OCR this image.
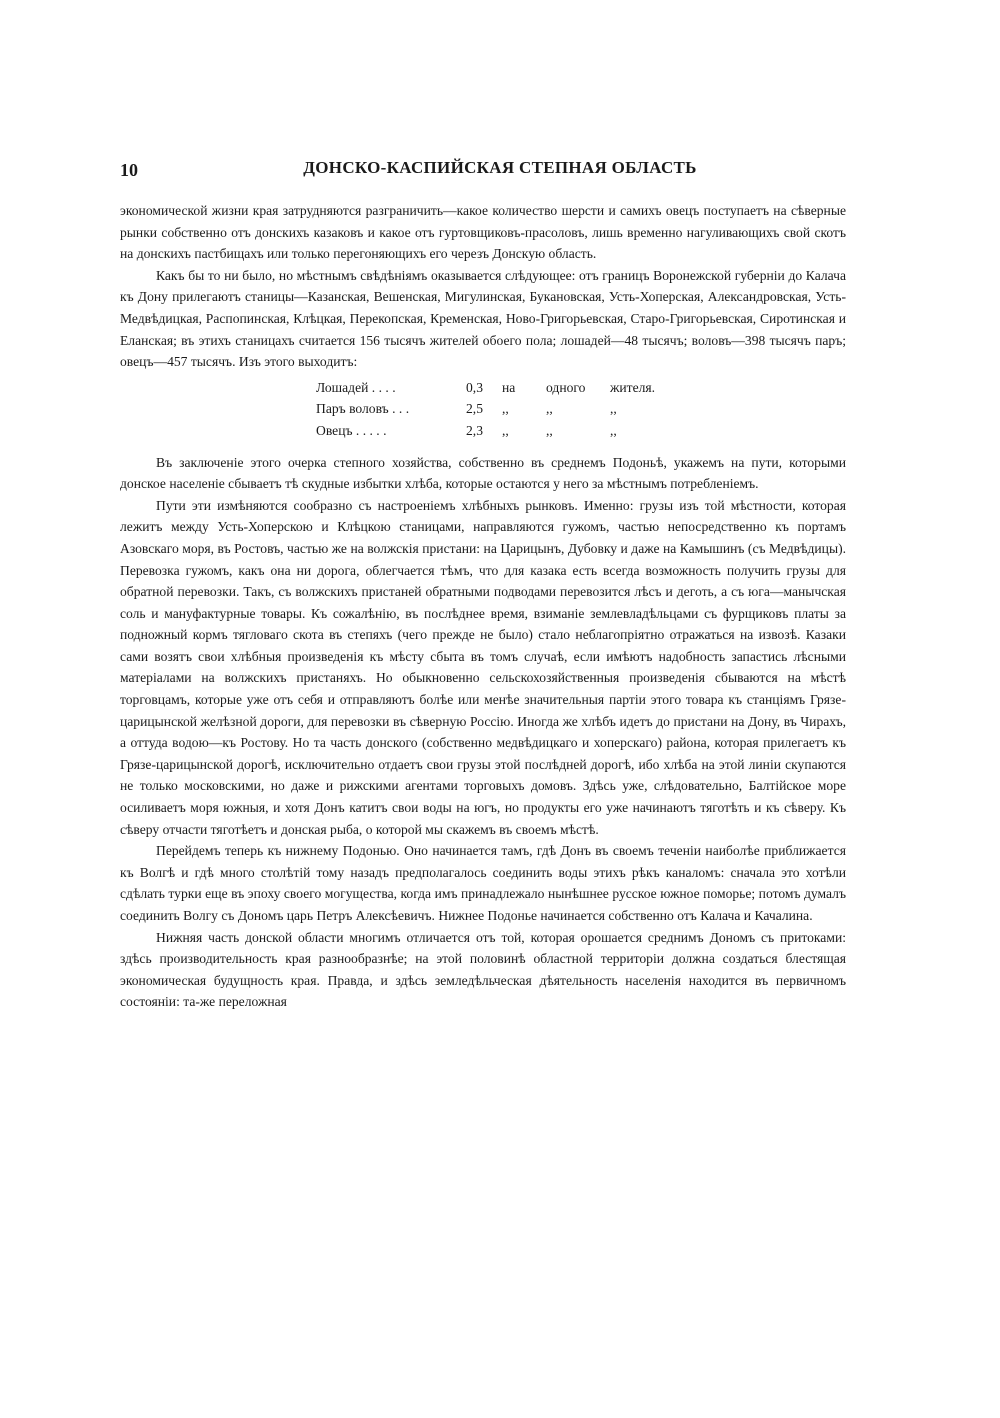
10	ДОНСКО-КАСПИЙСКАЯ СТЕПНАЯ ОБЛАСТЬ

экономической жизни края затрудняются разграничить—какое количество шерсти и самихъ овецъ поступаетъ на сѣверные рынки собственно отъ донскихъ казаковъ и какое отъ гуртовщиковъ-прасоловъ, лишь временно нагуливающихъ свой скотъ на донскихъ пастбищахъ или только перегоняющихъ его черезъ Донскую область.

Какъ бы то ни было, но мѣстнымъ свѣдѣніямъ оказывается слѣдующее: отъ границъ Воронежской губерніи до Калача къ Дону прилегаютъ станицы—Казанская, Вешенская, Мигулинская, Букановская, Усть-Хоперская, Александровская, Усть-Медвѣдицкая, Распопинская, Клѣцкая, Перекопская, Кременская, Ново-Григорьевская, Старо-Григорьевская, Сиротинская и Еланская; въ этихъ станицахъ считается 156 тысячъ жителей обоего пола; лошадей—48 тысячъ; воловъ—398 тысячъ паръ; овецъ—457 тысячъ. Изъ этого выходитъ:

Лошадей . . . .	0,3	на	одного	жителя.
Паръ воловъ . . .	2,5	,,	,,	,,
Овецъ . . . . .	2,3	,,	,,	,,

Въ заключеніе этого очерка степного хозяйства, собственно въ среднемъ Подоньѣ, укажемъ на пути, которыми донское населеніе сбываетъ тѣ скудные избытки хлѣба, которые остаются у него за мѣстнымъ потребленіемъ.

Пути эти измѣняются сообразно съ настроеніемъ хлѣбныхъ рынковъ. Именно: грузы изъ той мѣстности, которая лежитъ между Усть-Хоперскою и Клѣцкою станицами, направляются гужомъ, частью непосредственно къ портамъ Азовскаго моря, въ Ростовъ, частью же на волжскія пристани: на Царицынъ, Дубовку и даже на Камышинъ (съ Медвѣдицы). Перевозка гужомъ, какъ она ни дорога, облегчается тѣмъ, что для казака есть всегда возможность получить грузы для обратной перевозки. Такъ, съ волжскихъ пристаней обратными подводами перевозится лѣсъ и деготь, а съ юга—манычская соль и мануфактурные товары. Къ сожалѣнію, въ послѣднее время, взиманіе землевладѣльцами съ фурщиковъ платы за подножный кормъ тягловаго скота въ степяхъ (чего прежде не было) стало неблагопріятно отражаться на извозѣ. Казаки сами возятъ свои хлѣбныя произведенія къ мѣсту сбыта въ томъ случаѣ, если имѣютъ надобность запастись лѣсными матеріалами на волжскихъ пристаняхъ. Но обыкновенно сельскохозяйственныя произведенія сбываются на мѣстѣ торговцамъ, которые уже отъ себя и отправляютъ болѣе или менѣе значительныя партіи этого товара къ станціямъ Грязе-царицынской желѣзной дороги, для перевозки въ сѣверную Россію. Иногда же хлѣбъ идетъ до пристани на Дону, въ Чирахъ, а оттуда водою—къ Ростову. Но та часть донского (собственно медвѣдицкаго и хоперскаго) района, которая прилегаетъ къ Грязе-царицынской дорогѣ, исключительно отдаетъ свои грузы этой послѣдней дорогѣ, ибо хлѣба на этой линіи скупаются не только московскими, но даже и рижскими агентами торговыхъ домовъ. Здѣсь уже, слѣдовательно, Балтійское море осиливаетъ моря южныя, и хотя Донъ катитъ свои воды на югъ, но продукты его уже начинаютъ тяготѣть и къ сѣверу. Къ сѣверу отчасти тяготѣетъ и донская рыба, о которой мы скажемъ въ своемъ мѣстѣ.

Перейдемъ теперь къ нижнему Подонью. Оно начинается тамъ, гдѣ Донъ въ своемъ теченіи наиболѣе приближается къ Волгѣ и гдѣ много столѣтій тому назадъ предполагалось соединить воды этихъ рѣкъ каналомъ: сначала это хотѣли сдѣлать турки еще въ эпоху своего могущества, когда имъ принадлежало нынѣшнее русское южное поморье; потомъ думалъ соединить Волгу съ Дономъ царь Петръ Алексѣевичъ. Нижнее Подонье начинается собственно отъ Калача и Качалина.

Нижняя часть донской области многимъ отличается отъ той, которая орошается среднимъ Дономъ съ притоками: здѣсь производительность края разнообразнѣе; на этой половинѣ областной территоріи должна создаться блестящая экономическая будущность края. Правда, и здѣсь земледѣльческая дѣятельность населенія находится въ первичномъ состояніи: та-же переложная
